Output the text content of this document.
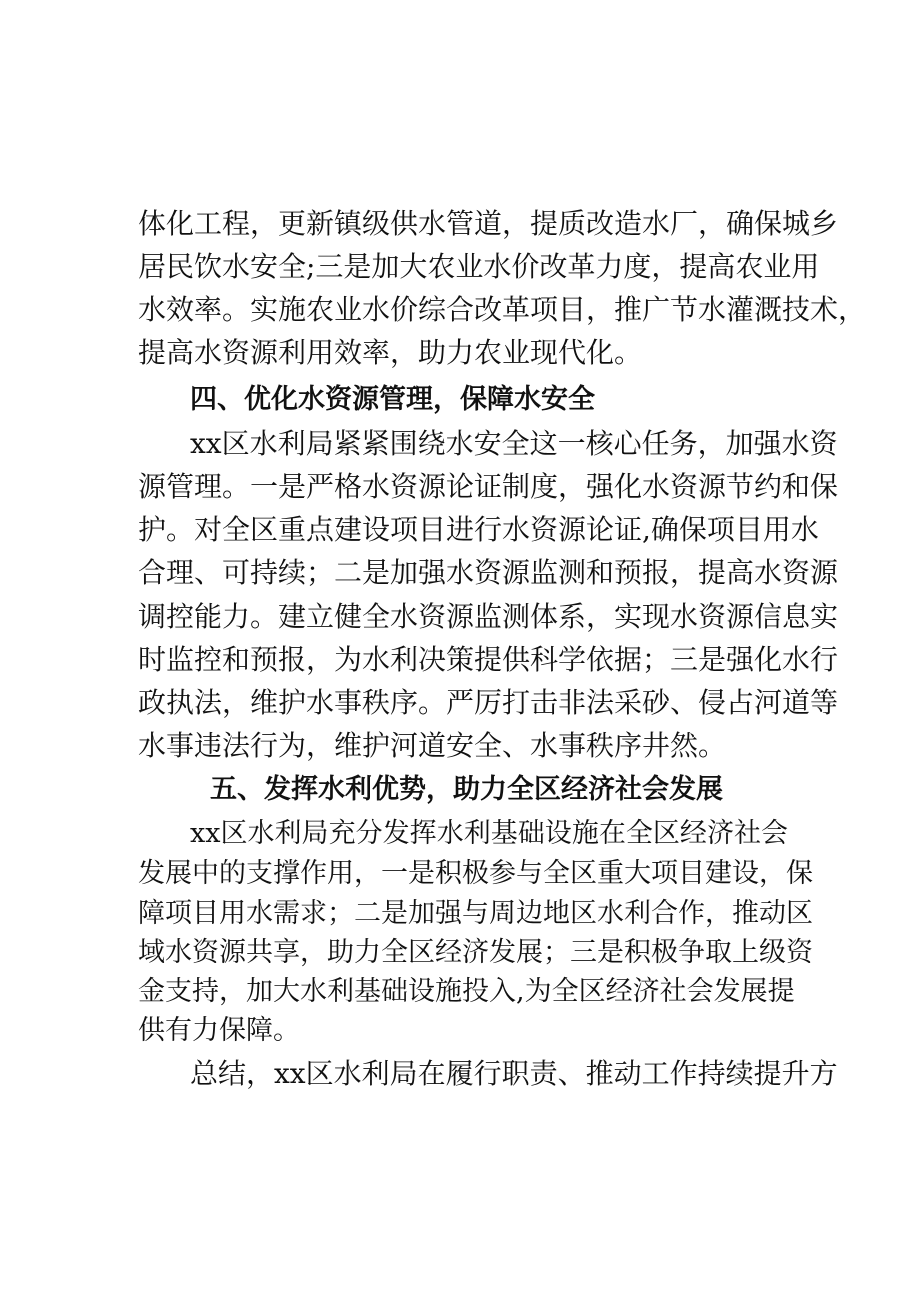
体化工程，更新镇级供水管道，提质改造水厂，确保城乡
居民饮水安全;三是加大农业水价改革力度，提高农业用
水效率。实施农业水价综合改革项目，推广节水灌溉技术，
提高水资源利用效率，助力农业现代化。
四、优化水资源管理，保障水安全
xx区水利局紧紧围绕水安全这一核心任务，加强水资
源管理。一是严格水资源论证制度，强化水资源节约和保
护。对全区重点建设项目进行水资源论证,确保项目用水
合理、可持续；二是加强水资源监测和预报，提高水资源
调控能力。建立健全水资源监测体系，实现水资源信息实
时监控和预报，为水利决策提供科学依据；三是强化水行
政执法，维护水事秩序。严厉打击非法采砂、侵占河道等
水事违法行为，维护河道安全、水事秩序井然。
五、发挥水利优势，助力全区经济社会发展
xx区水利局充分发挥水利基础设施在全区经济社会
发展中的支撑作用，一是积极参与全区重大项目建设，保
障项目用水需求；二是加强与周边地区水利合作，推动区
域水资源共享，助力全区经济发展；三是积极争取上级资
金支持，加大水利基础设施投入,为全区经济社会发展提
供有力保障。
总结，xx区水利局在履行职责、推动工作持续提升方
